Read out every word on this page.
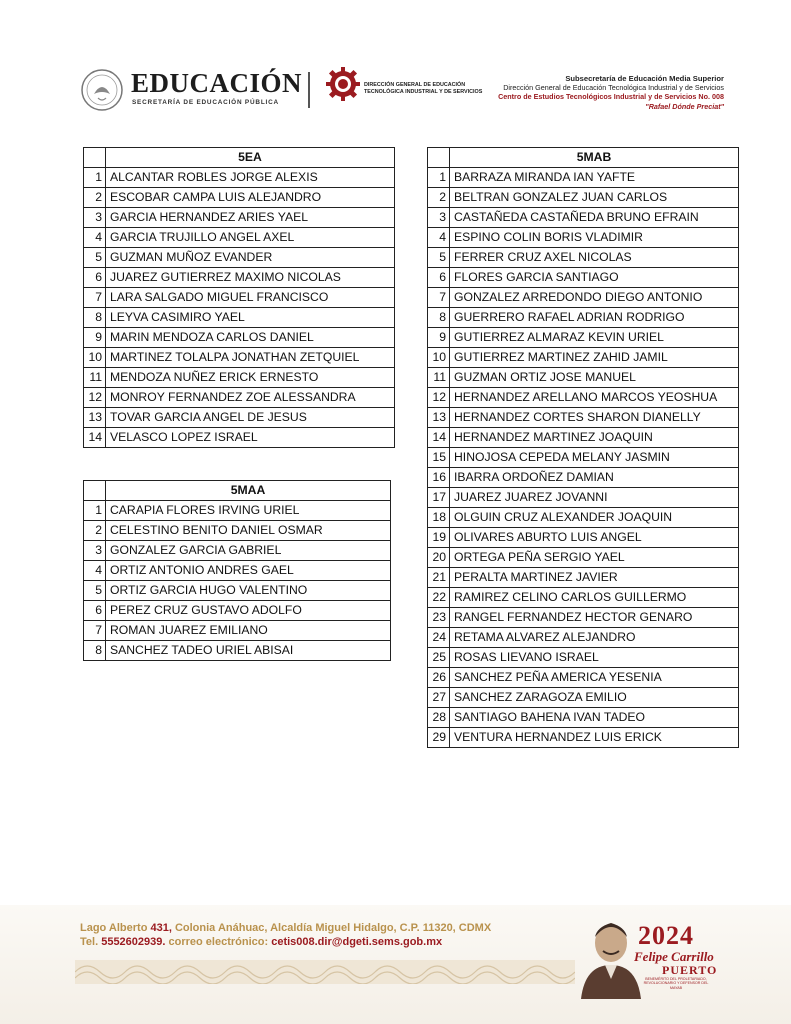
EDUCACIÓN
SECRETARÍA DE EDUCACIÓN PÚBLICA
DIRECCIÓN GENERAL DE EDUCACIÓN
TECNOLÓGICA INDUSTRIAL Y DE SERVICIOS
Subsecretaría de Educación Media Superior
Dirección General de Educación Tecnológica Industrial y de Servicios
Centro de Estudios Tecnológicos Industrial y de Servicios No. 008
"Rafael Dónde Preciat"
	5EA
1	ALCANTAR ROBLES JORGE ALEXIS
2	ESCOBAR CAMPA LUIS ALEJANDRO
3	GARCIA HERNANDEZ ARIES YAEL
4	GARCIA TRUJILLO ANGEL AXEL
5	GUZMAN MUÑOZ EVANDER
6	JUAREZ GUTIERREZ MAXIMO NICOLAS
7	LARA SALGADO MIGUEL FRANCISCO
8	LEYVA CASIMIRO YAEL
9	MARIN MENDOZA CARLOS DANIEL
10	MARTINEZ TOLALPA JONATHAN ZETQUIEL
11	MENDOZA NUÑEZ ERICK ERNESTO
12	MONROY FERNANDEZ ZOE ALESSANDRA
13	TOVAR GARCIA ANGEL DE JESUS
14	VELASCO LOPEZ ISRAEL
	5MAA
1	CARAPIA FLORES IRVING URIEL
2	CELESTINO BENITO DANIEL OSMAR
3	GONZALEZ GARCIA GABRIEL
4	ORTIZ ANTONIO ANDRES GAEL
5	ORTIZ GARCIA HUGO VALENTINO
6	PEREZ CRUZ GUSTAVO ADOLFO
7	ROMAN JUAREZ EMILIANO
8	SANCHEZ TADEO URIEL ABISAI
	5MAB
1	BARRAZA MIRANDA IAN YAFTE
2	BELTRAN GONZALEZ JUAN CARLOS
3	CASTAÑEDA CASTAÑEDA BRUNO EFRAIN
4	ESPINO COLIN BORIS VLADIMIR
5	FERRER CRUZ AXEL NICOLAS
6	FLORES GARCIA SANTIAGO
7	GONZALEZ ARREDONDO DIEGO ANTONIO
8	GUERRERO RAFAEL ADRIAN RODRIGO
9	GUTIERREZ ALMARAZ KEVIN URIEL
10	GUTIERREZ MARTINEZ ZAHID JAMIL
11	GUZMAN ORTIZ JOSE MANUEL
12	HERNANDEZ ARELLANO MARCOS YEOSHUA
13	HERNANDEZ CORTES SHARON DIANELLY
14	HERNANDEZ MARTINEZ JOAQUIN
15	HINOJOSA CEPEDA MELANY JASMIN
16	IBARRA ORDOÑEZ DAMIAN
17	JUAREZ JUAREZ JOVANNI
18	OLGUIN CRUZ ALEXANDER JOAQUIN
19	OLIVARES ABURTO LUIS ANGEL
20	ORTEGA PEÑA SERGIO YAEL
21	PERALTA MARTINEZ JAVIER
22	RAMIREZ CELINO CARLOS GUILLERMO
23	RANGEL FERNANDEZ HECTOR GENARO
24	RETAMA ALVAREZ ALEJANDRO
25	ROSAS LIEVANO ISRAEL
26	SANCHEZ PEÑA AMERICA YESENIA
27	SANCHEZ ZARAGOZA EMILIO
28	SANTIAGO BAHENA IVAN TADEO
29	VENTURA HERNANDEZ LUIS ERICK
Lago Alberto 431, Colonia Anáhuac, Alcaldía Miguel Hidalgo, C.P. 11320, CDMX
Tel. 5552602939. correo electrónico: cetis008.dir@dgeti.sems.gob.mx	2024
Felipe Carrillo
PUERTO
BENEMÉRITO DEL PROLETARIADO, REVOLUCIONARIO Y DEFENSOR DEL MAYAB
